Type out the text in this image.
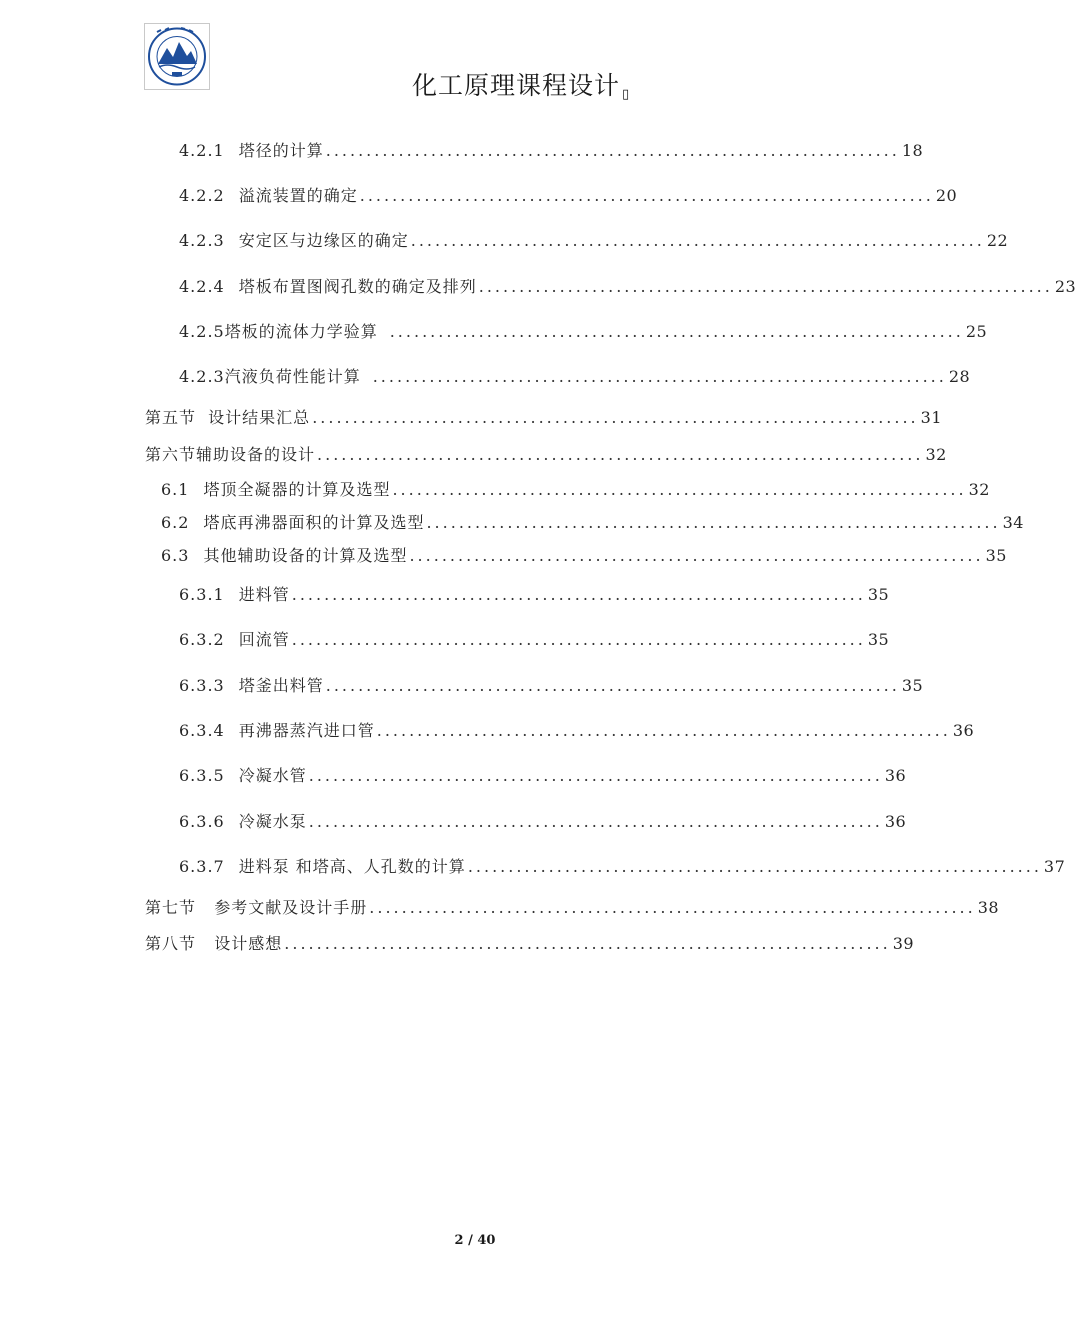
化工原理课程设计 ▯
4.2.1 塔径的计算 ....................................................................... 18
4.2.2 溢流装置的确定 ....................................................................... 20
4.2.3 安定区与边缘区的确定 ....................................................................... 22
4.2.4 塔板布置图阀孔数的确定及排列 ....................................................................... 23
4.2.5塔板的流体力学验算 ....................................................................... 25
4.2.3汽液负荷性能计算 ....................................................................... 28
第五节  设计结果汇总 ........................................................................... 31
第六节辅助设备的设计 ........................................................................... 32
6.1 塔顶全凝器的计算及选型 ....................................................................... 32
6.2 塔底再沸器面积的计算及选型 ....................................................................... 34
6.3 其他辅助设备的计算及选型 ....................................................................... 35
6.3.1 进料管 ....................................................................... 35
6.3.2 回流管 ....................................................................... 35
6.3.3 塔釜出料管 ....................................................................... 35
6.3.4 再沸器蒸汽进口管 ....................................................................... 36
6.3.5 冷凝水管 ....................................................................... 36
6.3.6 冷凝水泵 ....................................................................... 36
6.3.7 进料泵 和塔高、人孔数的计算 ....................................................................... 37
第七节   参考文献及设计手册 ........................................................................... 38
第八节   设计感想 ........................................................................... 39
2 / 40
